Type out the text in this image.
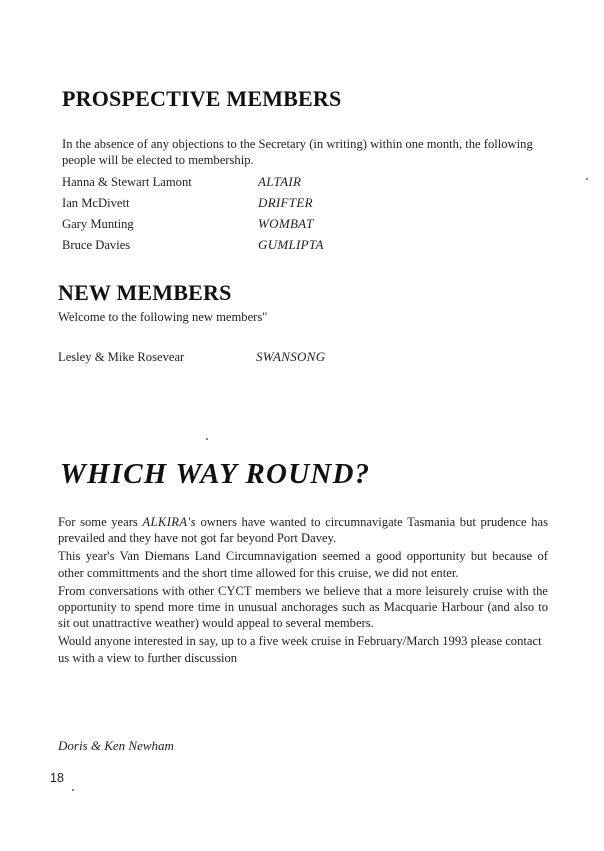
PROSPECTIVE MEMBERS
In the absence of any objections to the Secretary (in writing) within one month, the following people will be elected to membership.
Hanna & Stewart Lamont	ALTAIR
Ian McDivett	DRIFTER
Gary Munting	WOMBAT
Bruce Davies	GUMLIPTA
NEW MEMBERS
Welcome to the following new members"
Lesley & Mike Rosevear	SWANSONG
WHICH WAY ROUND?

For some years ALKIRA's owners have wanted to circumnavigate Tasmania but prudence has prevailed and they have not got far beyond Port Davey.

This year's Van Diemans Land Circumnavigation seemed a good opportunity but because of other committments and the short time allowed for this cruise, we did not enter.

From conversations with other CYCT members we believe that a more leisurely cruise with the opportunity to spend more time in unusual anchorages such as Macquarie Harbour (and also to sit out unattractive weather) would appeal to several members.

Would anyone interested in say, up to a five week cruise in February/March 1993 please contact us with a view to further discussion

Doris & Ken Newham
18
